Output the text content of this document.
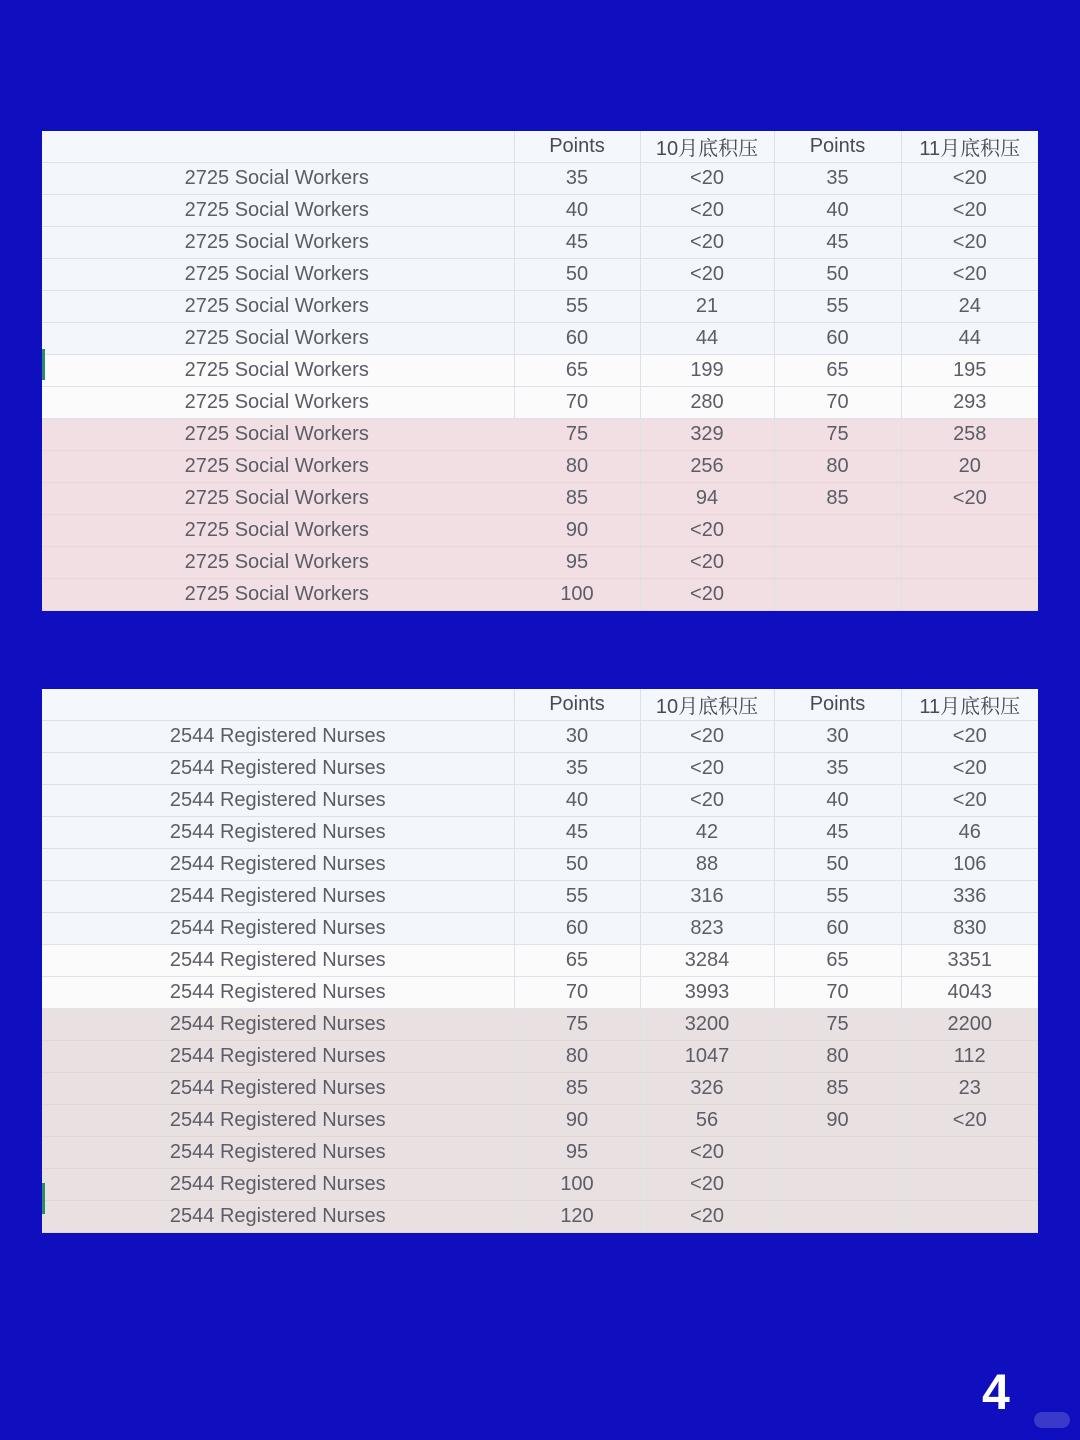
	Points	10月底积压	Points	11月底积压
2725 Social Workers	35	<20	35	<20
2725 Social Workers	40	<20	40	<20
2725 Social Workers	45	<20	45	<20
2725 Social Workers	50	<20	50	<20
2725 Social Workers	55	21	55	24
2725 Social Workers	60	44	60	44
2725 Social Workers	65	199	65	195
2725 Social Workers	70	280	70	293
2725 Social Workers	75	329	75	258
2725 Social Workers	80	256	80	20
2725 Social Workers	85	94	85	<20
2725 Social Workers	90	<20		
2725 Social Workers	95	<20		
2725 Social Workers	100	<20		
	Points	10月底积压	Points	11月底积压
2544 Registered Nurses	30	<20	30	<20
2544 Registered Nurses	35	<20	35	<20
2544 Registered Nurses	40	<20	40	<20
2544 Registered Nurses	45	42	45	46
2544 Registered Nurses	50	88	50	106
2544 Registered Nurses	55	316	55	336
2544 Registered Nurses	60	823	60	830
2544 Registered Nurses	65	3284	65	3351
2544 Registered Nurses	70	3993	70	4043
2544 Registered Nurses	75	3200	75	2200
2544 Registered Nurses	80	1047	80	112
2544 Registered Nurses	85	326	85	23
2544 Registered Nurses	90	56	90	<20
2544 Registered Nurses	95	<20		
2544 Registered Nurses	100	<20		
2544 Registered Nurses	120	<20		
4
